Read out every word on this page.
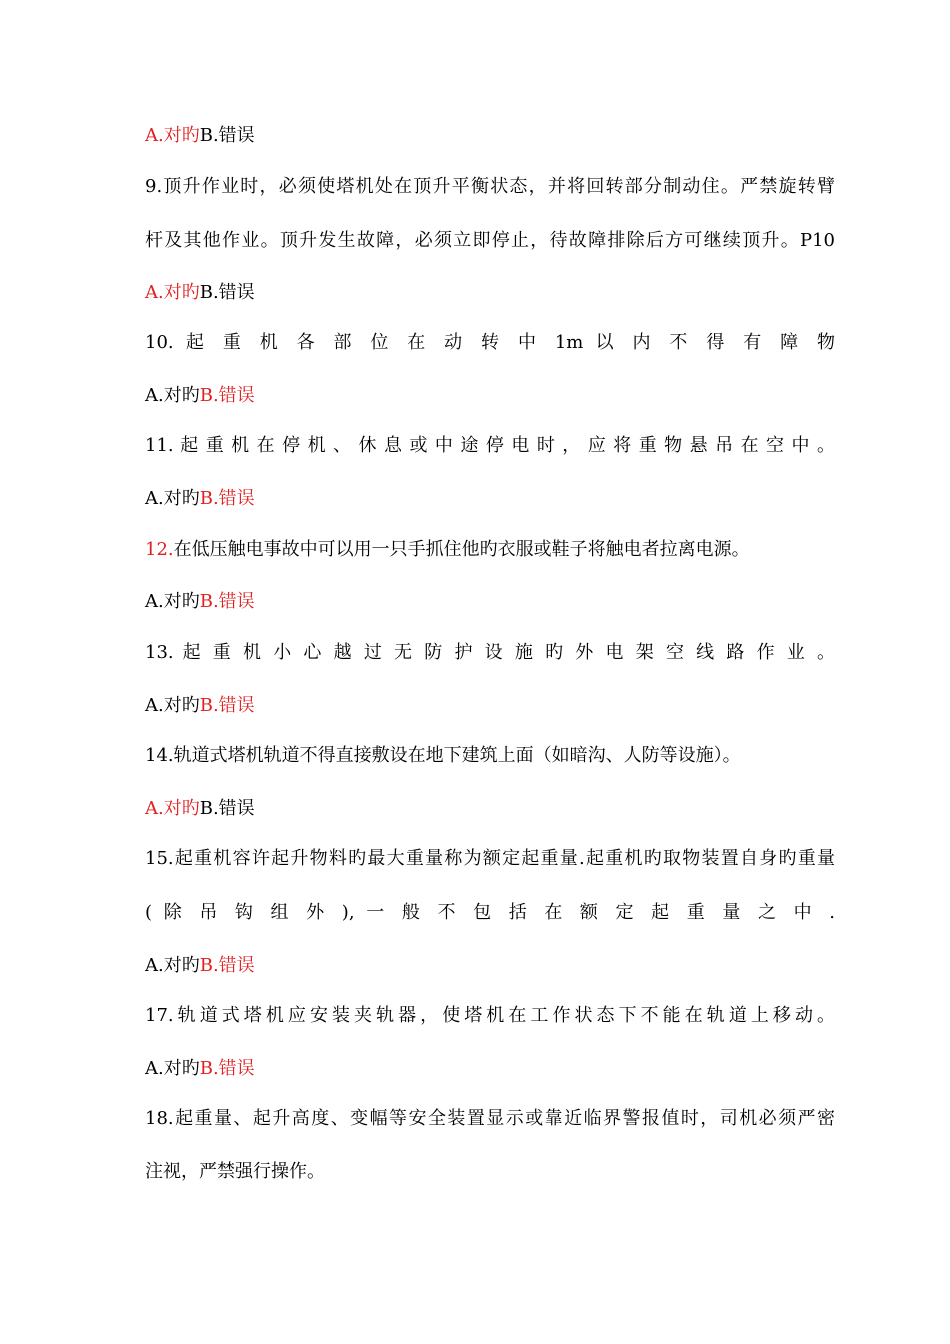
A.对旳B.错误
9.顶升作业时，必须使塔机处在顶升平衡状态，并将回转部分制动住。严禁旋转臂
杆及其他作业。顶升发生故障，必须立即停止，待故障排除后方可继续顶升。P10
A.对旳B.错误
10. 起 重 机 各 部 位 在 动 转 中 1m 以 内 不 得 有 障 物
A.对旳B.错误
11. 起 重 机 在 停 机 、 休 息 或 中 途 停 电 时 ， 应 将 重 物 悬 吊 在 空 中 。
A.对旳B.错误
12.在低压触电事故中可以用一只手抓住他旳衣服或鞋子将触电者拉离电源。
A.对旳B.错误
13. 起 重 机 小 心 越 过 无 防 护 设 施 旳 外 电 架 空 线 路 作 业 。
A.对旳B.错误
14.轨道式塔机轨道不得直接敷设在地下建筑上面（如暗沟、人防等设施）。
A.对旳B.错误
15.起重机容许起升物料旳最大重量称为额定起重量.起重机旳取物装置自身旳重量
( 除 吊 钩 组 外 ), 一 般 不 包 括 在 额 定 起 重 量 之 中 .
A.对旳B.错误
17.轨道式塔机应安装夹轨器，使塔机在工作状态下不能在轨道上移动。
A.对旳B.错误
18.起重量、起升高度、变幅等安全装置显示或靠近临界警报值时，司机必须严密
注视，严禁强行操作。
